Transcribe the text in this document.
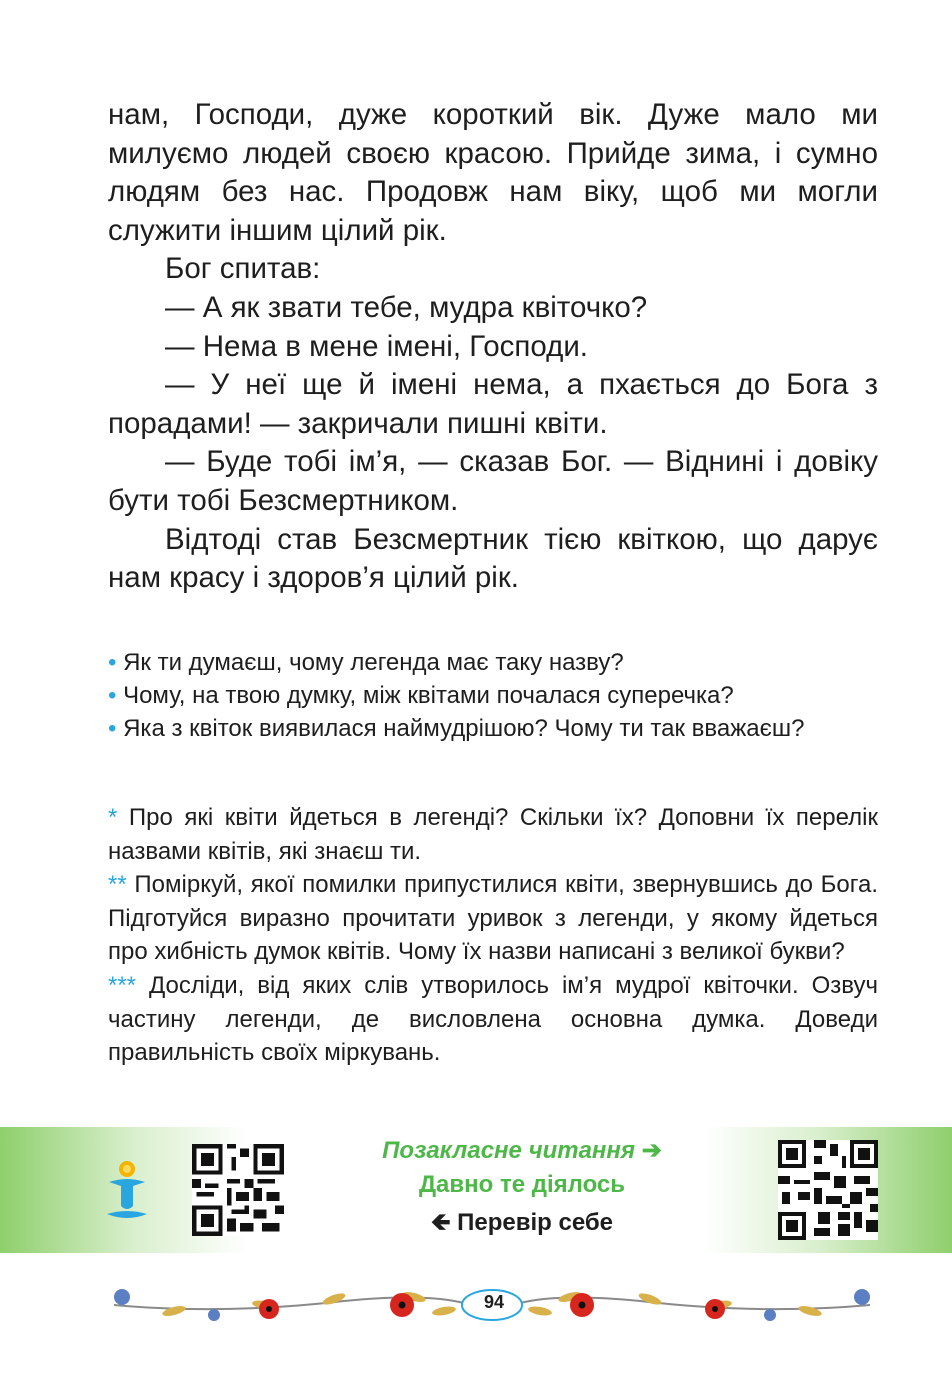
нам, Господи, дуже короткий вік. Дуже мало ми милуємо людей своєю красою. Прийде зима, і сумно людям без нас. Продовж нам віку, щоб ми могли служити іншим цілий рік.

Бог спитав:

— А як звати тебе, мудра квіточко?

— Нема в мене імені, Господи.

— У неї ще й імені нема, а пхається до Бога з порадами! — закричали пишні квіти.

— Буде тобі ім’я, — сказав Бог. — Віднині і довіку бути тобі Безсмертником.

Відтоді став Безсмертник тією квіткою, що дарує нам красу і здоров’я цілий рік.

• Як ти думаєш, чому легенда має таку назву?

• Чому, на твою думку, між квітами почалася суперечка?

• Яка з квіток виявилася наймудрішою? Чому ти так вважаєш?

* Про які квіти йдеться в легенді? Скільки їх? Доповни їх перелік назвами квітів, які знаєш ти.

** Поміркуй, якої помилки припустилися квіти, звернувшись до Бога. Підготуйся виразно прочитати уривок з легенди, у якому йдеться про хибність думок квітів. Чому їх назви написані з великої букви?

*** Досліди, від яких слів утворилось ім’я мудрої квіточки. Озвуч частину легенди, де висловлена основна думка. Доведи правильність своїх міркувань.

Позакласне читання ➔
Давно те діялось
🡸 Перевір себе
94
